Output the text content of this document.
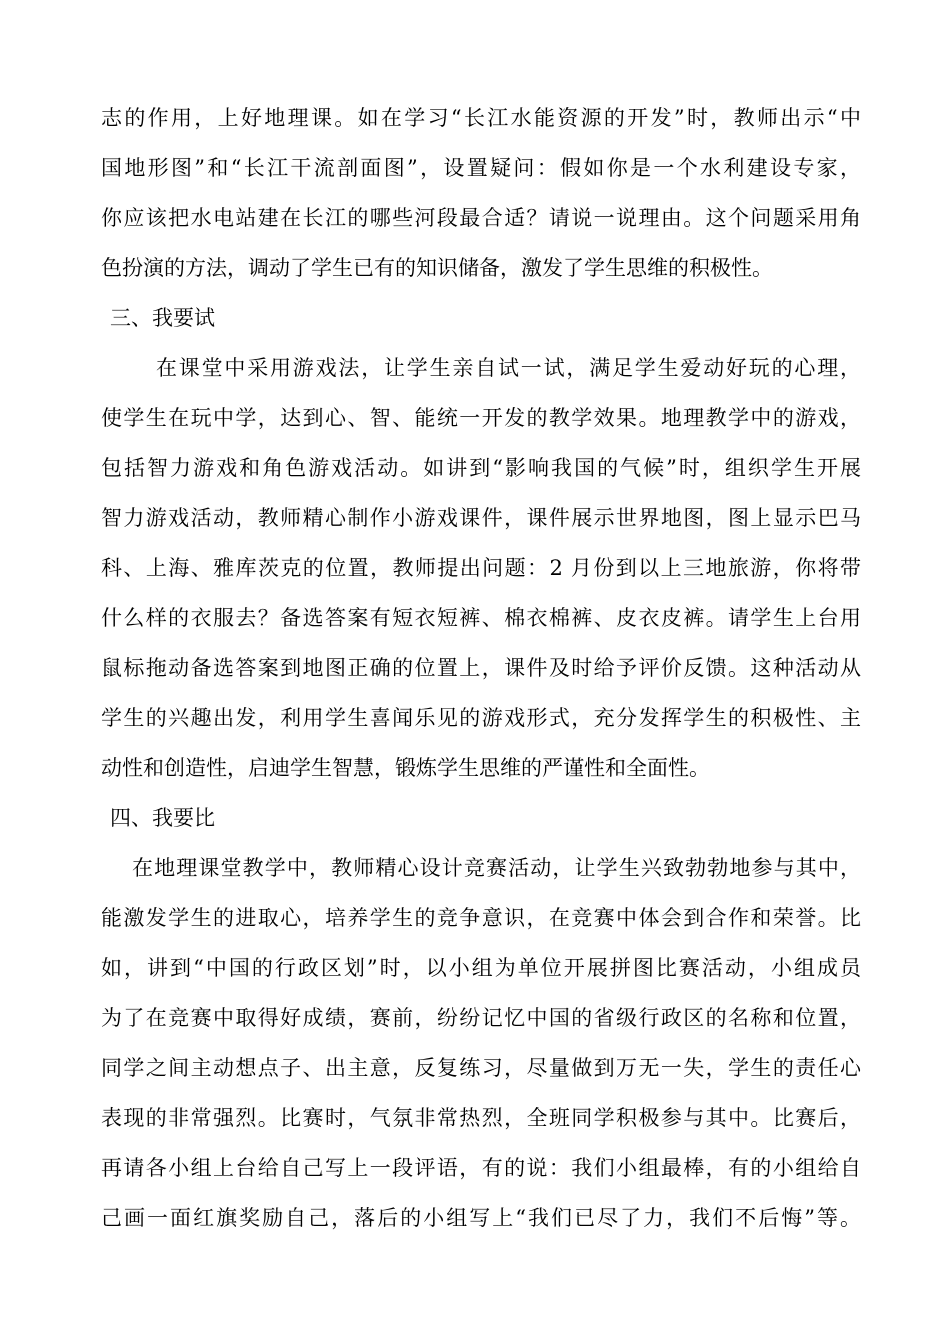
志的作用，上好地理课。如在学习“长江水能资源的开发”时，教师出示“中
国地形图”和“长江干流剖面图”，设置疑问：假如你是一个水利建设专家，
你应该把水电站建在长江的哪些河段最合适？请说一说理由。这个问题采用角
色扮演的方法，调动了学生已有的知识储备，激发了学生思维的积极性。
三、我要试
在课堂中采用游戏法，让学生亲自试一试，满足学生爱动好玩的心理，
使学生在玩中学，达到心、智、能统一开发的教学效果。地理教学中的游戏，
包括智力游戏和角色游戏活动。如讲到“影响我国的气候”时，组织学生开展
智力游戏活动，教师精心制作小游戏课件，课件展示世界地图，图上显示巴马
科、上海、雅库茨克的位置，教师提出问题：2 月份到以上三地旅游，你将带
什么样的衣服去？备选答案有短衣短裤、棉衣棉裤、皮衣皮裤。请学生上台用
鼠标拖动备选答案到地图正确的位置上，课件及时给予评价反馈。这种活动从
学生的兴趣出发，利用学生喜闻乐见的游戏形式，充分发挥学生的积极性、主
动性和创造性，启迪学生智慧，锻炼学生思维的严谨性和全面性。
四、我要比
在地理课堂教学中，教师精心设计竞赛活动，让学生兴致勃勃地参与其中，
能激发学生的进取心，培养学生的竞争意识，在竞赛中体会到合作和荣誉。比
如，讲到“中国的行政区划”时，以小组为单位开展拼图比赛活动，小组成员
为了在竞赛中取得好成绩，赛前，纷纷记忆中国的省级行政区的名称和位置，
同学之间主动想点子、出主意，反复练习，尽量做到万无一失，学生的责任心
表现的非常强烈。比赛时，气氛非常热烈，全班同学积极参与其中。比赛后，
再请各小组上台给自己写上一段评语，有的说：我们小组最棒，有的小组给自
己画一面红旗奖励自己，落后的小组写上“我们已尽了力，我们不后悔”等。
